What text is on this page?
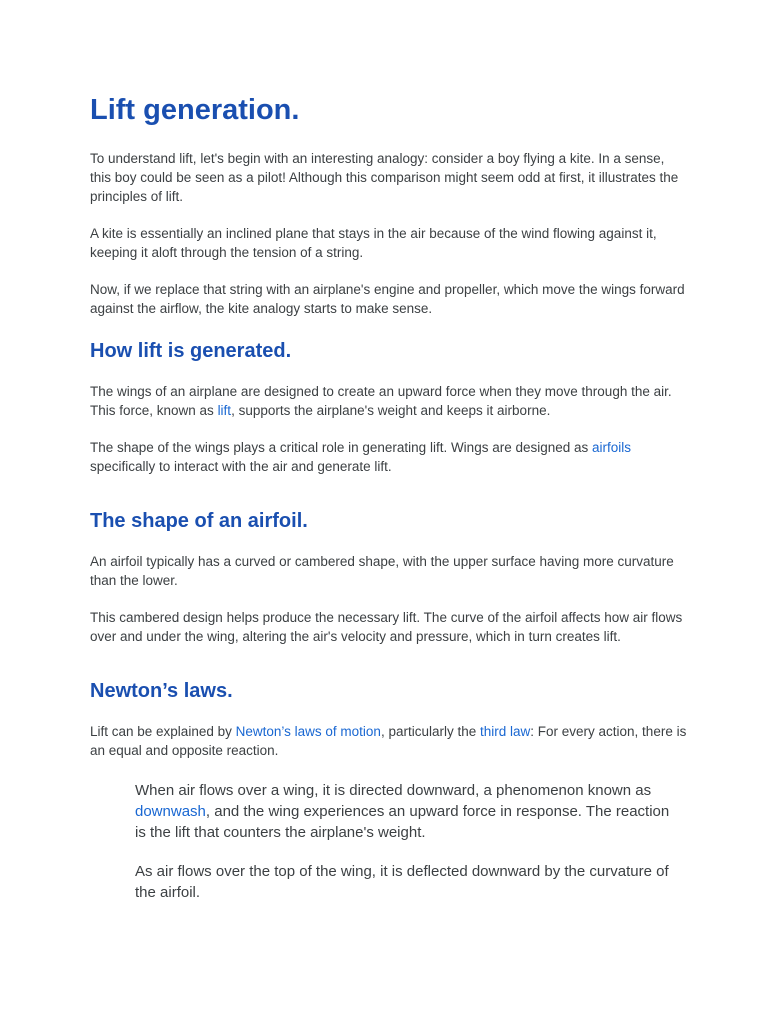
Lift generation.

To understand lift, let's begin with an interesting analogy: consider a boy flying a kite. In a sense, this boy could be seen as a pilot! Although this comparison might seem odd at first, it illustrates the principles of lift.

A kite is essentially an inclined plane that stays in the air because of the wind flowing against it, keeping it aloft through the tension of a string.

Now, if we replace that string with an airplane's engine and propeller, which move the wings forward against the airflow, the kite analogy starts to make sense.

How lift is generated.

The wings of an airplane are designed to create an upward force when they move through the air. This force, known as lift, supports the airplane's weight and keeps it airborne.

The shape of the wings plays a critical role in generating lift. Wings are designed as airfoils specifically to interact with the air and generate lift.

The shape of an airfoil.

An airfoil typically has a curved or cambered shape, with the upper surface having more curvature than the lower.

This cambered design helps produce the necessary lift. The curve of the airfoil affects how air flows over and under the wing, altering the air's velocity and pressure, which in turn creates lift.

Newton’s laws.

Lift can be explained by Newton’s laws of motion, particularly the third law: For every action, there is an equal and opposite reaction.

When air flows over a wing, it is directed downward, a phenomenon known as downwash, and the wing experiences an upward force in response. The reaction is the lift that counters the airplane's weight.

As air flows over the top of the wing, it is deflected downward by the curvature of the airfoil.
